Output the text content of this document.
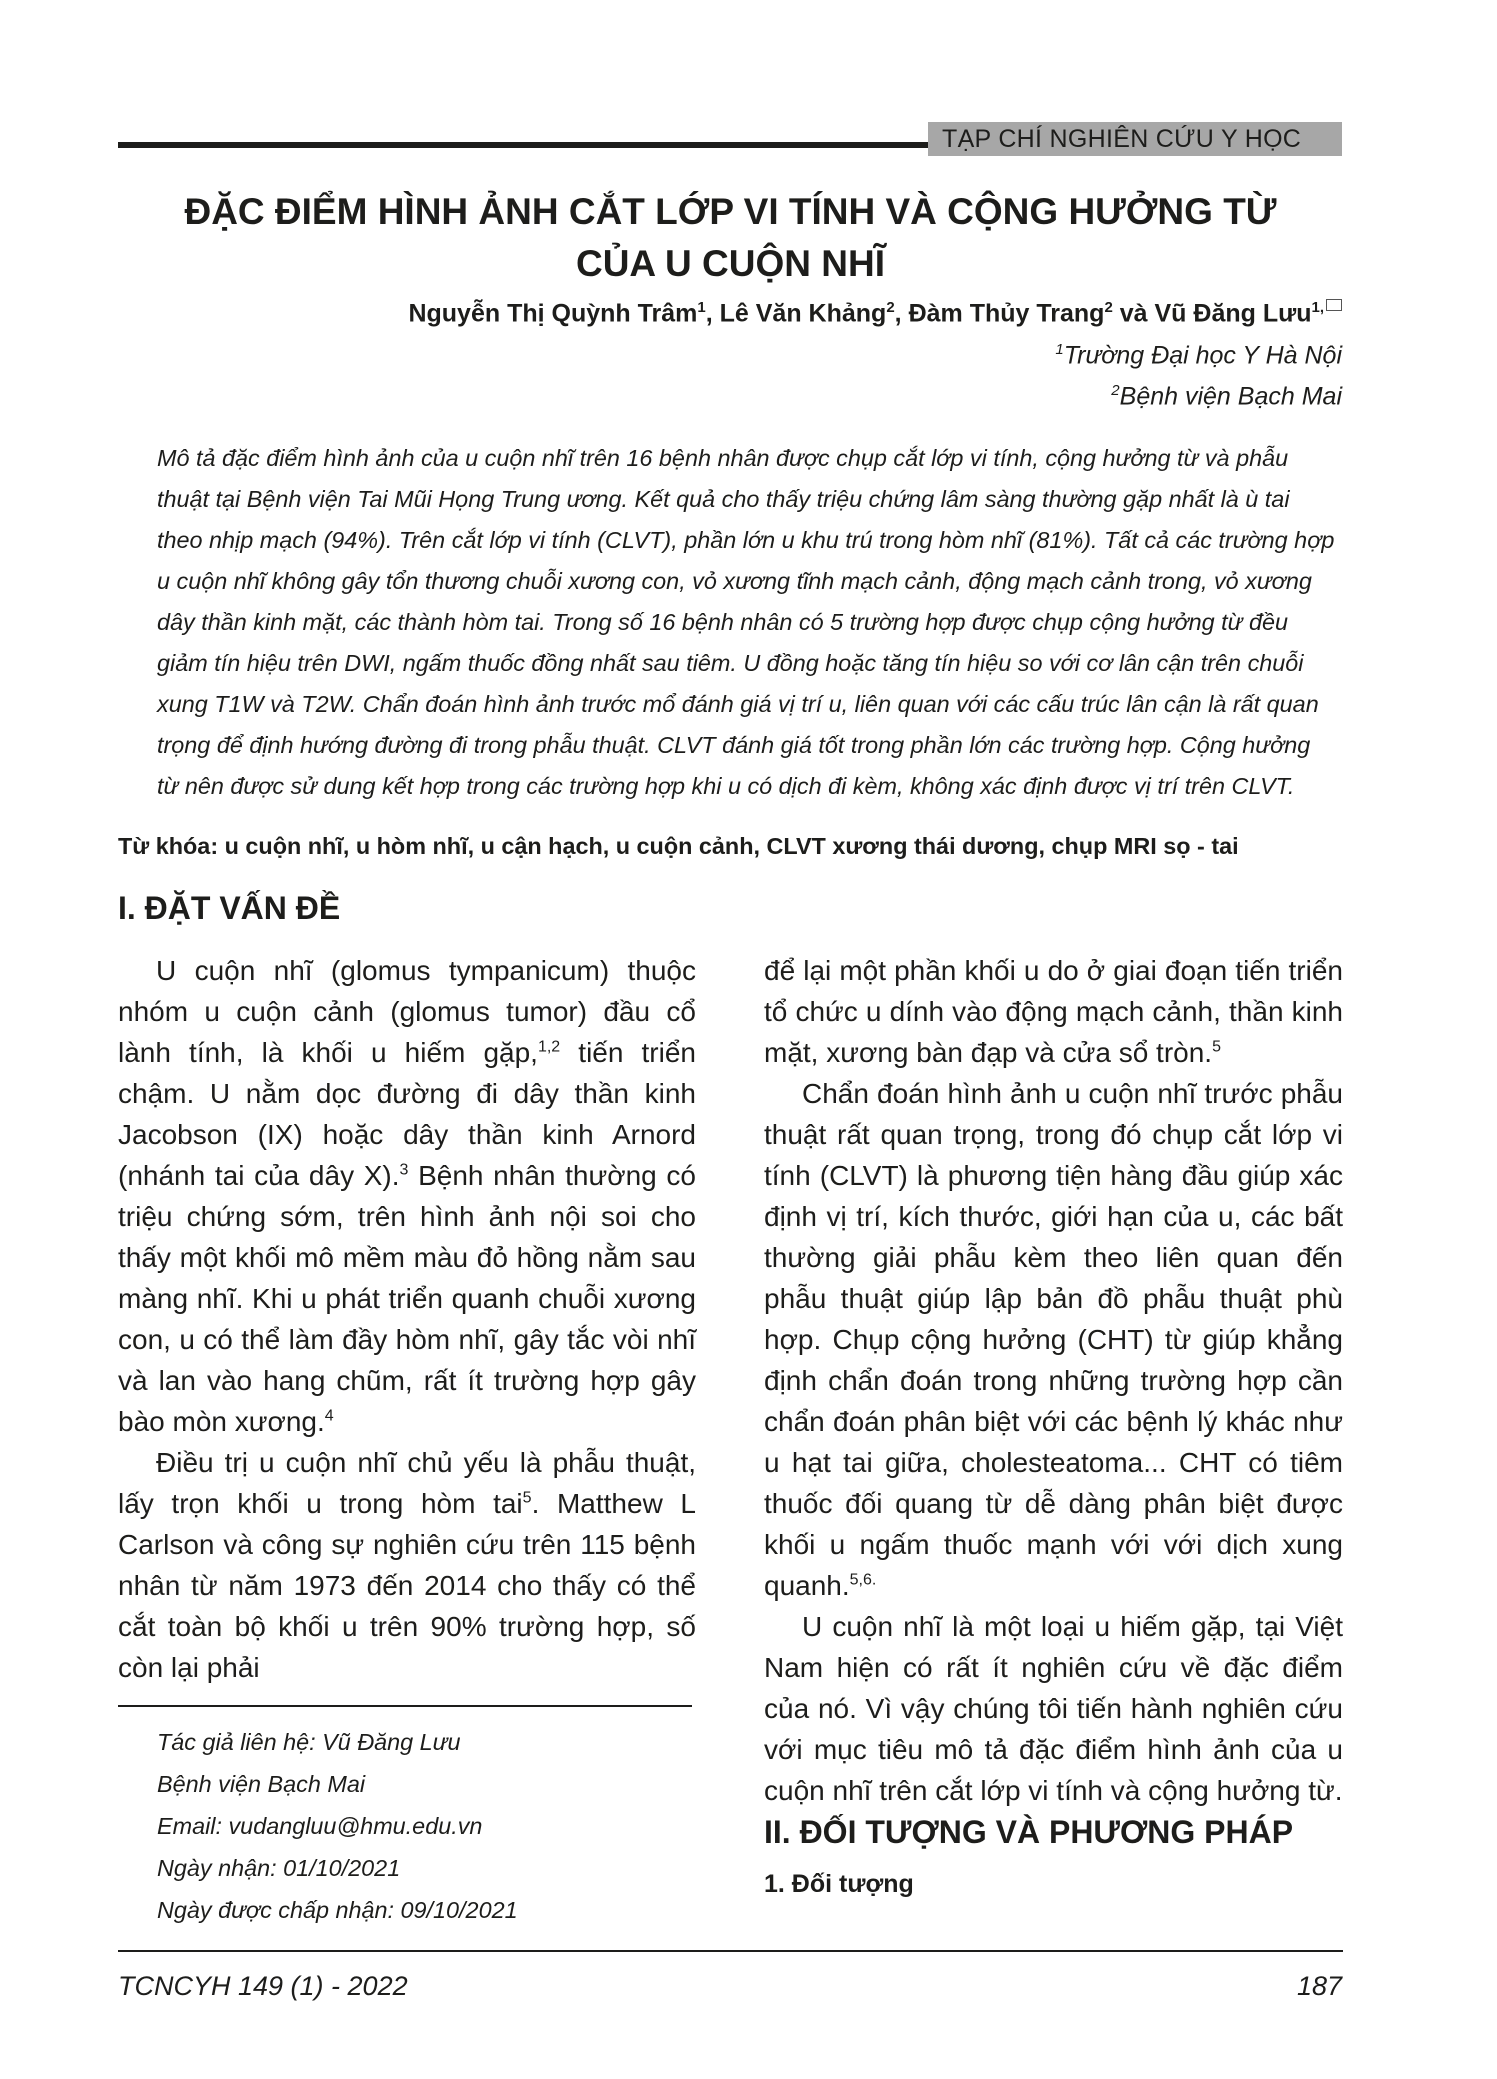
TẠP CHÍ NGHIÊN CỨU Y HỌC
ĐẶC ĐIỂM HÌNH ẢNH CẮT LỚP VI TÍNH VÀ CỘNG HƯỞNG TỪ
CỦA U CUỘN NHĨ
Nguyễn Thị Quỳnh Trâm$^1$, Lê Văn Khảng$^2$, Đàm Thủy Trang$^2$ và Vũ Đăng Lưu$^{1,}$
$^1$Trường Đại học Y Hà Nội
$^2$Bệnh viện Bạch Mai
Mô tả đặc điểm hình ảnh của u cuộn nhĩ trên 16 bệnh nhân được chụp cắt lớp vi tính, cộng hưởng từ và phẫu
thuật tại Bệnh viện Tai Mũi Họng Trung ương. Kết quả cho thấy triệu chứng lâm sàng thường gặp nhất là ù tai
theo nhịp mạch (94%). Trên cắt lớp vi tính (CLVT), phần lớn u khu trú trong hòm nhĩ (81%). Tất cả các trường hợp
u cuộn nhĩ không gây tổn thương chuỗi xương con, vỏ xương tĩnh mạch cảnh, động mạch cảnh trong, vỏ xương
dây thần kinh mặt, các thành hòm tai. Trong số 16 bệnh nhân có 5 trường hợp được chụp cộng hưởng từ đều
giảm tín hiệu trên DWI, ngấm thuốc đồng nhất sau tiêm. U đồng hoặc tăng tín hiệu so với cơ lân cận trên chuỗi
xung T1W và T2W. Chẩn đoán hình ảnh trước mổ đánh giá vị trí u, liên quan với các cấu trúc lân cận là rất quan
trọng để định hướng đường đi trong phẫu thuật. CLVT đánh giá tốt trong phần lớn các trường hợp. Cộng hưởng
từ nên được sử dung kết hợp trong các trường hợp khi u có dịch đi kèm, không xác định được vị trí trên CLVT.
Từ khóa: u cuộn nhĩ, u hòm nhĩ, u cận hạch, u cuộn cảnh, CLVT xương thái dương, chụp MRI sọ - tai
I. ĐẶT VẤN ĐỀ

U cuộn nhĩ (glomus tympanicum) thuộc nhóm u cuộn cảnh (glomus tumor) đầu cổ lành tính, là khối u hiếm gặp,$^{1,2}$ tiến triển chậm. U nằm dọc đường đi dây thần kinh Jacobson (IX) hoặc dây thần kinh Arnord (nhánh tai của dây X).$^3$ Bệnh nhân thường có triệu chứng sớm, trên hình ảnh nội soi cho thấy một khối mô mềm màu đỏ hồng nằm sau màng nhĩ. Khi u phát triển quanh chuỗi xương con, u có thể làm đầy hòm nhĩ, gây tắc vòi nhĩ và lan vào hang chũm, rất ít trường hợp gây bào mòn xương.$^4$

Điều trị u cuộn nhĩ chủ yếu là phẫu thuật, lấy trọn khối u trong hòm tai$^5$. Matthew L Carlson và công sự nghiên cứu trên 115 bệnh nhân từ năm 1973 đến 2014 cho thấy có thể cắt toàn bộ khối u trên 90% trường hợp, số còn lại phải

để lại một phần khối u do ở giai đoạn tiến triển tổ chức u dính vào động mạch cảnh, thần kinh mặt, xương bàn đạp và cửa sổ tròn.$^5$

Chẩn đoán hình ảnh u cuộn nhĩ trước phẫu thuật rất quan trọng, trong đó chụp cắt lớp vi tính (CLVT) là phương tiện hàng đầu giúp xác định vị trí, kích thước, giới hạn của u, các bất thường giải phẫu kèm theo liên quan đến phẫu thuật giúp lập bản đồ phẫu thuật phù hợp. Chụp cộng hưởng (CHT) từ giúp khẳng định chẩn đoán trong những trường hợp cần chẩn đoán phân biệt với các bệnh lý khác như u hạt tai giữa, cholesteatoma... CHT có tiêm thuốc đối quang từ dễ dàng phân biệt được khối u ngấm thuốc mạnh với với dịch xung quanh.$^{5,6.}$

U cuộn nhĩ là một loại u hiếm gặp, tại Việt Nam hiện có rất ít nghiên cứu về đặc điểm của nó. Vì vậy chúng tôi tiến hành nghiên cứu với mục tiêu mô tả đặc điểm hình ảnh của u cuộn nhĩ trên cắt lớp vi tính và cộng hưởng từ.

II. ĐỐI TƯỢNG VÀ PHƯƠNG PHÁP
1. Đối tượng
Tác giả liên hệ: Vũ Đăng Lưu
Bệnh viện Bạch Mai
Email: vudangluu@hmu.edu.vn
Ngày nhận: 01/10/2021
Ngày được chấp nhận: 09/10/2021
TCNCYH 149 (1) - 2022	187
